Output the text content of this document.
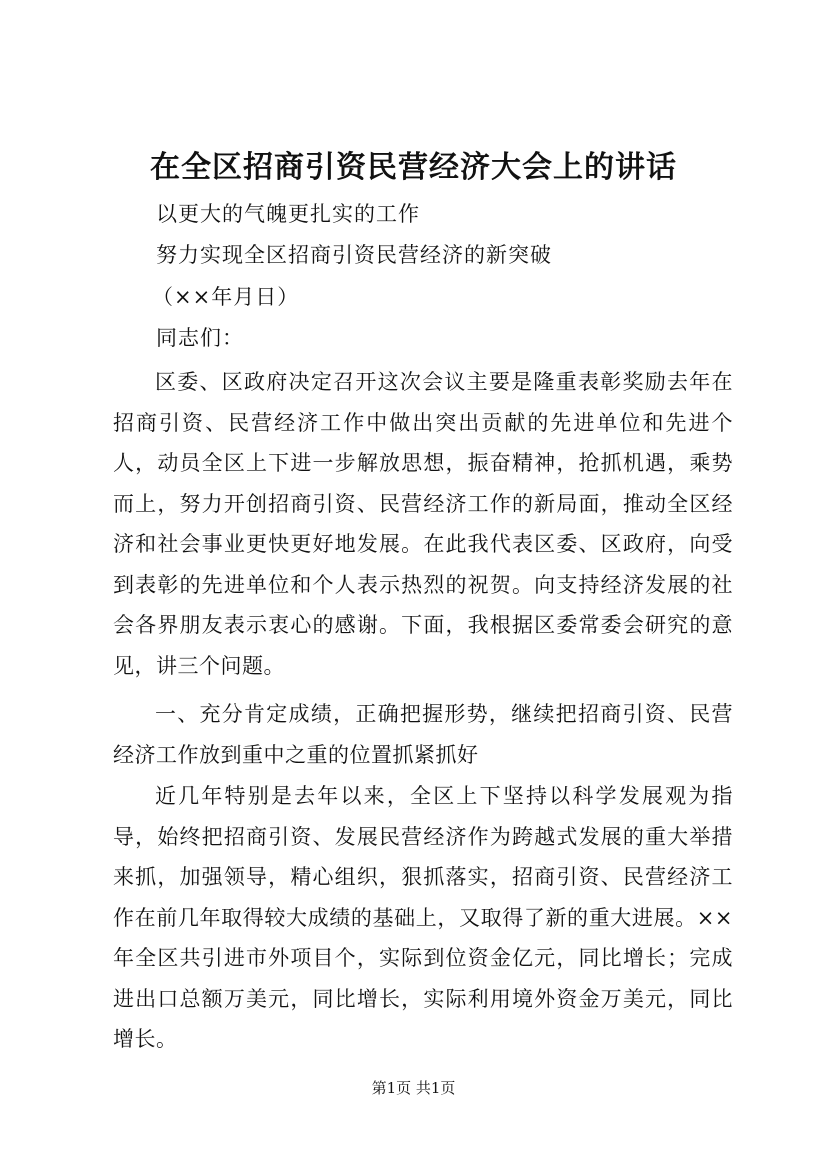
在全区招商引资民营经济大会上的讲话

以更大的气魄更扎实的工作

努力实现全区招商引资民营经济的新突破

（××年月日）

同志们：

区委、区政府决定召开这次会议主要是隆重表彰奖励去年在招商引资、民营经济工作中做出突出贡献的先进单位和先进个人，动员全区上下进一步解放思想，振奋精神，抢抓机遇，乘势而上，努力开创招商引资、民营经济工作的新局面，推动全区经济和社会事业更快更好地发展。在此我代表区委、区政府，向受到表彰的先进单位和个人表示热烈的祝贺。向支持经济发展的社会各界朋友表示衷心的感谢。下面，我根据区委常委会研究的意见，讲三个问题。

一、充分肯定成绩，正确把握形势，继续把招商引资、民营经济工作放到重中之重的位置抓紧抓好

近几年特别是去年以来，全区上下坚持以科学发展观为指导，始终把招商引资、发展民营经济作为跨越式发展的重大举措来抓，加强领导，精心组织，狠抓落实，招商引资、民营经济工作在前几年取得较大成绩的基础上，又取得了新的重大进展。××年全区共引进市外项目个，实际到位资金亿元，同比增长；完成进出口总额万美元，同比增长，实际利用境外资金万美元，同比增长。

第1页 共1页
